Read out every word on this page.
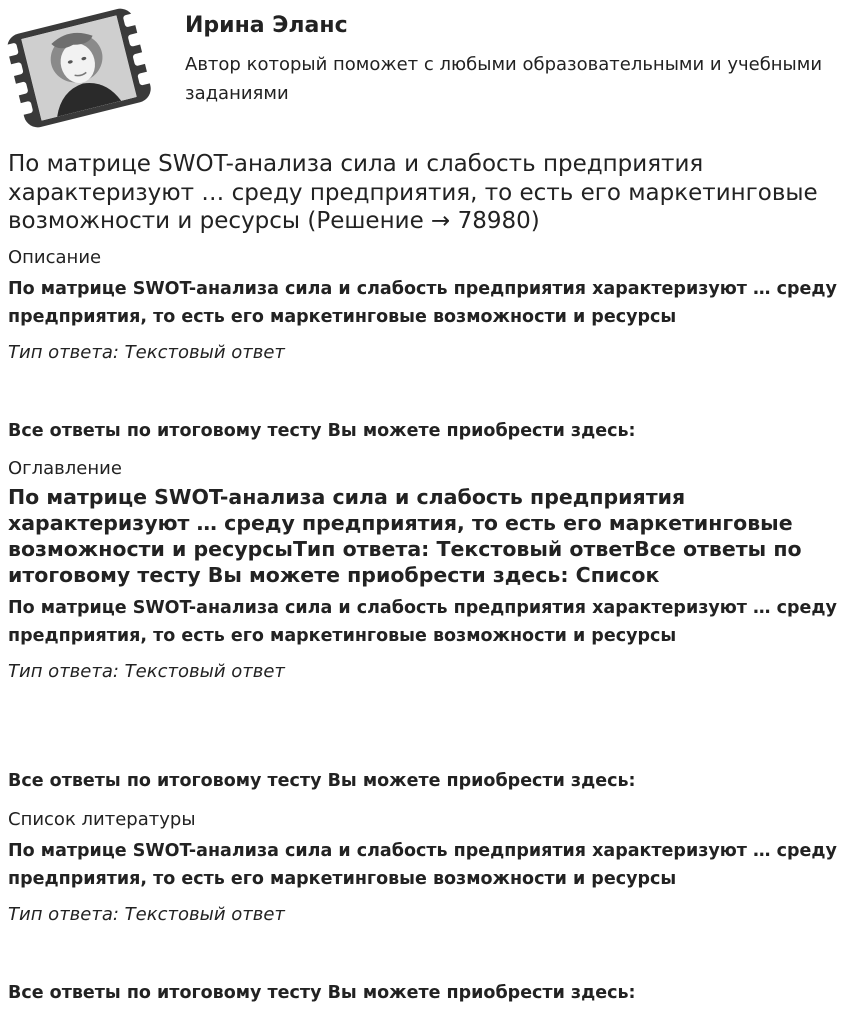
Ирина Эланс
Автор который поможет с любыми образовательными и учебными заданиями
По матрице SWOT-анализа сила и слабость предприятия характеризуют … среду предприятия, то есть его маркетинговые возможности и ресурсы (Решение → 78980)
Описание
По матрице SWOT-анализа сила и слабость предприятия характеризуют … среду предприятия, то есть его маркетинговые возможности и ресурсы
Тип ответа: Текстовый ответ
Все ответы по итоговому тесту Вы можете приобрести здесь:
Оглавление
По матрице SWOT-анализа сила и слабость предприятия характеризуют … среду предприятия, то есть его маркетинговые возможности и ресурсыТип ответа: Текстовый ответВсе ответы по итоговому тесту Вы можете приобрести здесь: Список
По матрице SWOT-анализа сила и слабость предприятия характеризуют … среду предприятия, то есть его маркетинговые возможности и ресурсы
Тип ответа: Текстовый ответ
Все ответы по итоговому тесту Вы можете приобрести здесь:
Список литературы
По матрице SWOT-анализа сила и слабость предприятия характеризуют … среду предприятия, то есть его маркетинговые возможности и ресурсы
Тип ответа: Текстовый ответ
Все ответы по итоговому тесту Вы можете приобрести здесь:
